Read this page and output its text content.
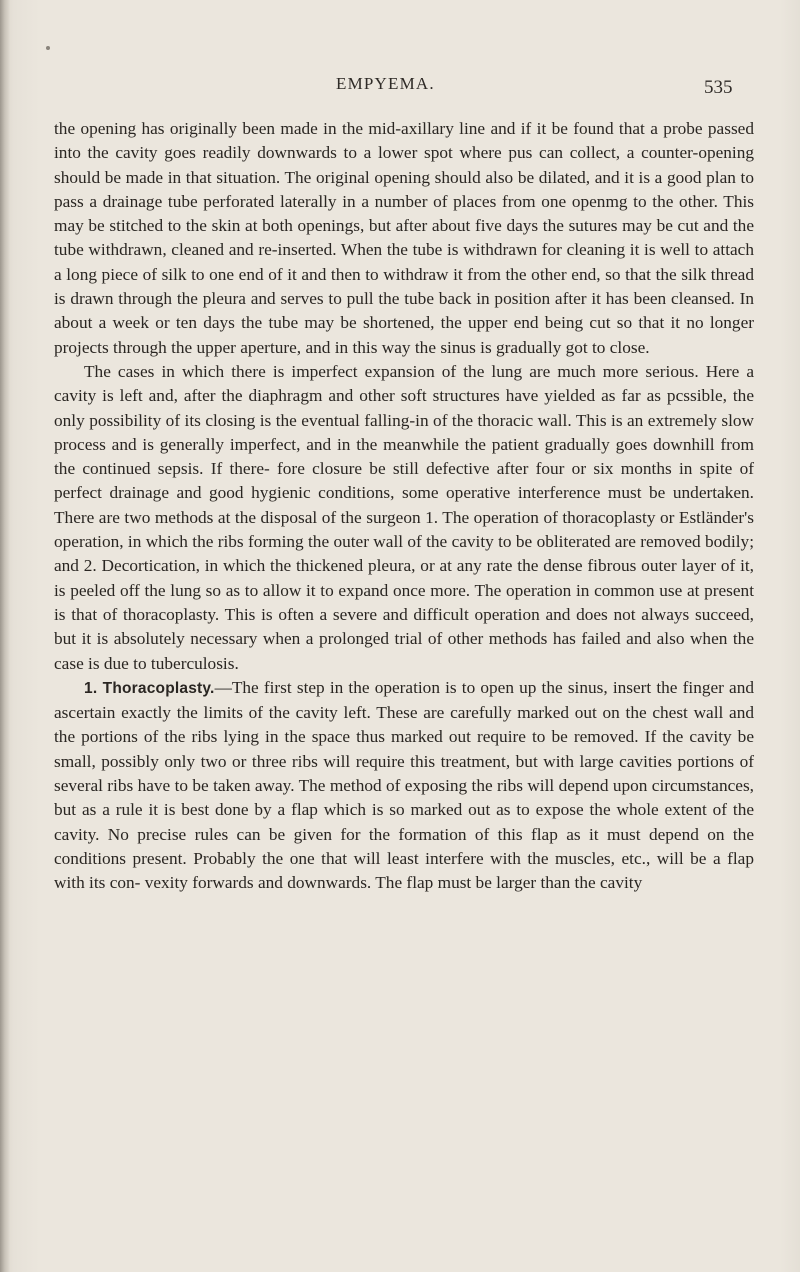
EMPYEMA.	535

the opening has originally been made in the mid-axillary line and if it be found that a probe passed into the cavity goes readily downwards to a lower spot where pus can collect, a counter-opening should be made in that situation. The original opening should also be dilated, and it is a good plan to pass a drainage tube perforated laterally in a number of places from one openmg to the other. This may be stitched to the skin at both openings, but after about five days the sutures may be cut and the tube withdrawn, cleaned and re-inserted. When the tube is withdrawn for cleaning it is well to attach a long piece of silk to one end of it and then to withdraw it from the other end, so that the silk thread is drawn through the pleura and serves to pull the tube back in position after it has been cleansed. In about a week or ten days the tube may be shortened, the upper end being cut so that it no longer projects through the upper aperture, and in this way the sinus is gradually got to close.

The cases in which there is imperfect expansion of the lung are much more serious. Here a cavity is left and, after the diaphragm and other soft structures have yielded as far as pcssible, the only possibility of its closing is the eventual falling-in of the thoracic wall. This is an extremely slow process and is generally imperfect, and in the meanwhile the patient gradually goes downhill from the continued sepsis. If there- fore closure be still defective after four or six months in spite of perfect drainage and good hygienic conditions, some operative interference must be undertaken. There are two methods at the disposal of the surgeon 1. The operation of thoracoplasty or Estländer's operation, in which the ribs forming the outer wall of the cavity to be obliterated are removed bodily; and 2. Decortication, in which the thickened pleura, or at any rate the dense fibrous outer layer of it, is peeled off the lung so as to allow it to expand once more. The operation in common use at present is that of thoracoplasty. This is often a severe and difficult operation and does not always succeed, but it is absolutely necessary when a prolonged trial of other methods has failed and also when the case is due to tuberculosis.

1. Thoracoplasty.—The first step in the operation is to open up the sinus, insert the finger and ascertain exactly the limits of the cavity left. These are carefully marked out on the chest wall and the portions of the ribs lying in the space thus marked out require to be removed. If the cavity be small, possibly only two or three ribs will require this treatment, but with large cavities portions of several ribs have to be taken away. The method of exposing the ribs will depend upon circumstances, but as a rule it is best done by a flap which is so marked out as to expose the whole extent of the cavity. No precise rules can be given for the formation of this flap as it must depend on the conditions present. Probably the one that will least interfere with the muscles, etc., will be a flap with its con- vexity forwards and downwards. The flap must be larger than the cavity
